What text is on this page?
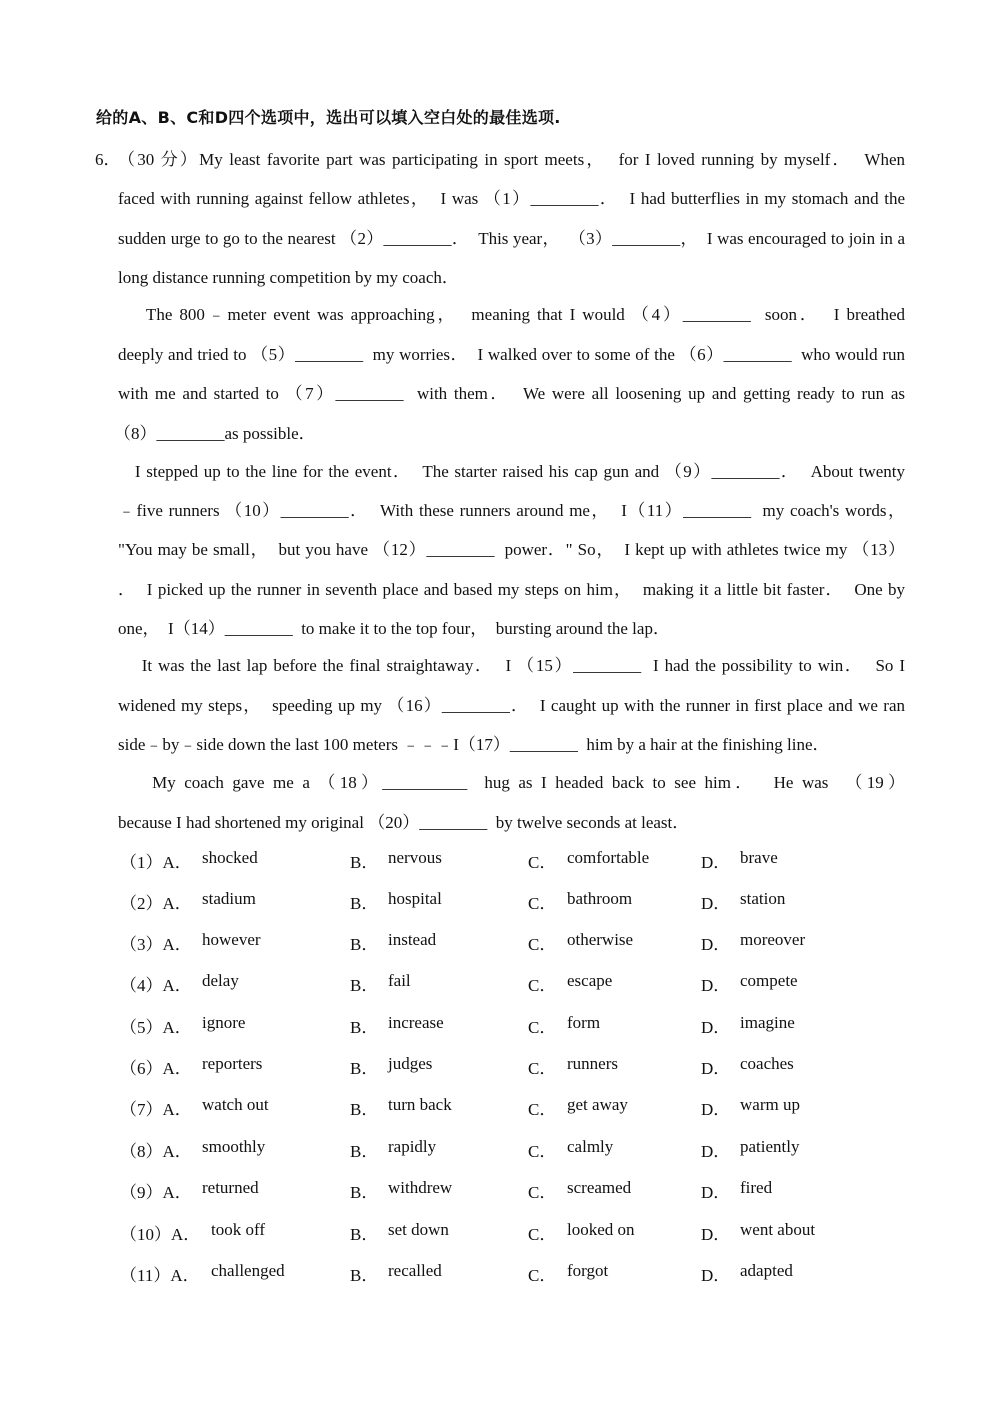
给的A、B、C和D四个选项中，选出可以填入空白处的最佳选项.
6．
（30 分）My least favorite part was participating in sport meets，  for I loved running by myself．  When
faced with running against fellow athletes，  I was （1）________．  I had butterflies in my stomach and the
sudden urge to go to the nearest （2）________．  This year，  （3）________，  I was encouraged to join in a
long distance running competition by my coach．
The 800﹣meter event was approaching，  meaning that I would （4）________  soon．  I breathed
deeply and tried to （5）________  my worries．  I walked over to some of the （6）________  who would run
with me and started to （7）________  with them．  We were all loosening up and getting ready to run as
（8）________as possible．
I stepped up to the line for the event．  The starter raised his cap gun and （9）________．  About twenty
﹣five runners （10）________．  With these runners around me，  I（11）________  my coach's words，
"You may be small，  but you have （12）________  power．" So，  I kept up with athletes twice my （13）
．  I picked up the runner in seventh place and based my steps on him，  making it a little bit faster．  One by
one，  I（14）________  to make it to the top four，  bursting around the lap．
It was the last lap before the final straightaway．  I （15）________  I had the possibility to win．  So I
widened my steps，  speeding up my （16）________．  I caught up with the runner in first place and we ran
side﹣by﹣side down the last 100 meters ﹣﹣﹣I（17）________  him by a hair at the finishing line．
My coach gave me a （18）__________  hug as I headed back to see him．  He was  （19）
because I had shortened my original （20）________  by twelve seconds at least．
（1）A． shocked	B． nervous	C． comfortable	D． brave
（2）A． stadium	B． hospital	C． bathroom	D． station
（3）A． however	B． instead	C． otherwise	D． moreover
（4）A． delay	B． fail	C． escape	D． compete
（5）A． ignore	B． increase	C． form	D． imagine
（6）A． reporters	B． judges	C． runners	D． coaches
（7）A． watch out	B． turn back	C． get away	D． warm up
（8）A． smoothly	B． rapidly	C． calmly	D． patiently
（9）A． returned	B． withdrew	C． screamed	D． fired
（10）A． took off	B． set down	C． looked on	D． went about
（11）A． challenged	B． recalled	C． forgot	D． adapted
